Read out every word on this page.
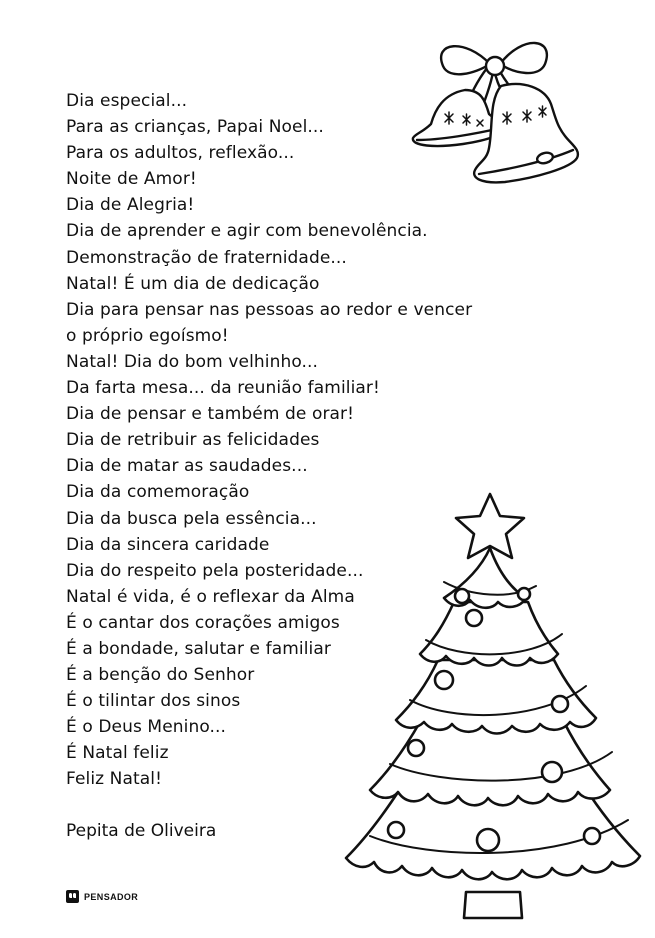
Dia especial...
Para as crianças, Papai Noel...
Para os adultos, reflexão...
Noite de Amor!
Dia de Alegria!
Dia de aprender e agir com benevolência.
Demonstração de fraternidade...
Natal! É um dia de dedicação
Dia para pensar nas pessoas ao redor e vencer
o próprio egoísmo!
Natal! Dia do bom velhinho...
Da farta mesa... da reunião familiar!
Dia de pensar e também de orar!
Dia de retribuir as felicidades
Dia de matar as saudades...
Dia da comemoração
Dia da busca pela essência...
Dia da sincera caridade
Dia do respeito pela posteridade...
Natal é vida, é o reflexar da Alma
É o cantar dos corações amigos
É a bondade, salutar e familiar
É a benção do Senhor
É o tilintar dos sinos
É o Deus Menino...
É Natal feliz
Feliz Natal!
Pepita de Oliveira
PENSADOR
